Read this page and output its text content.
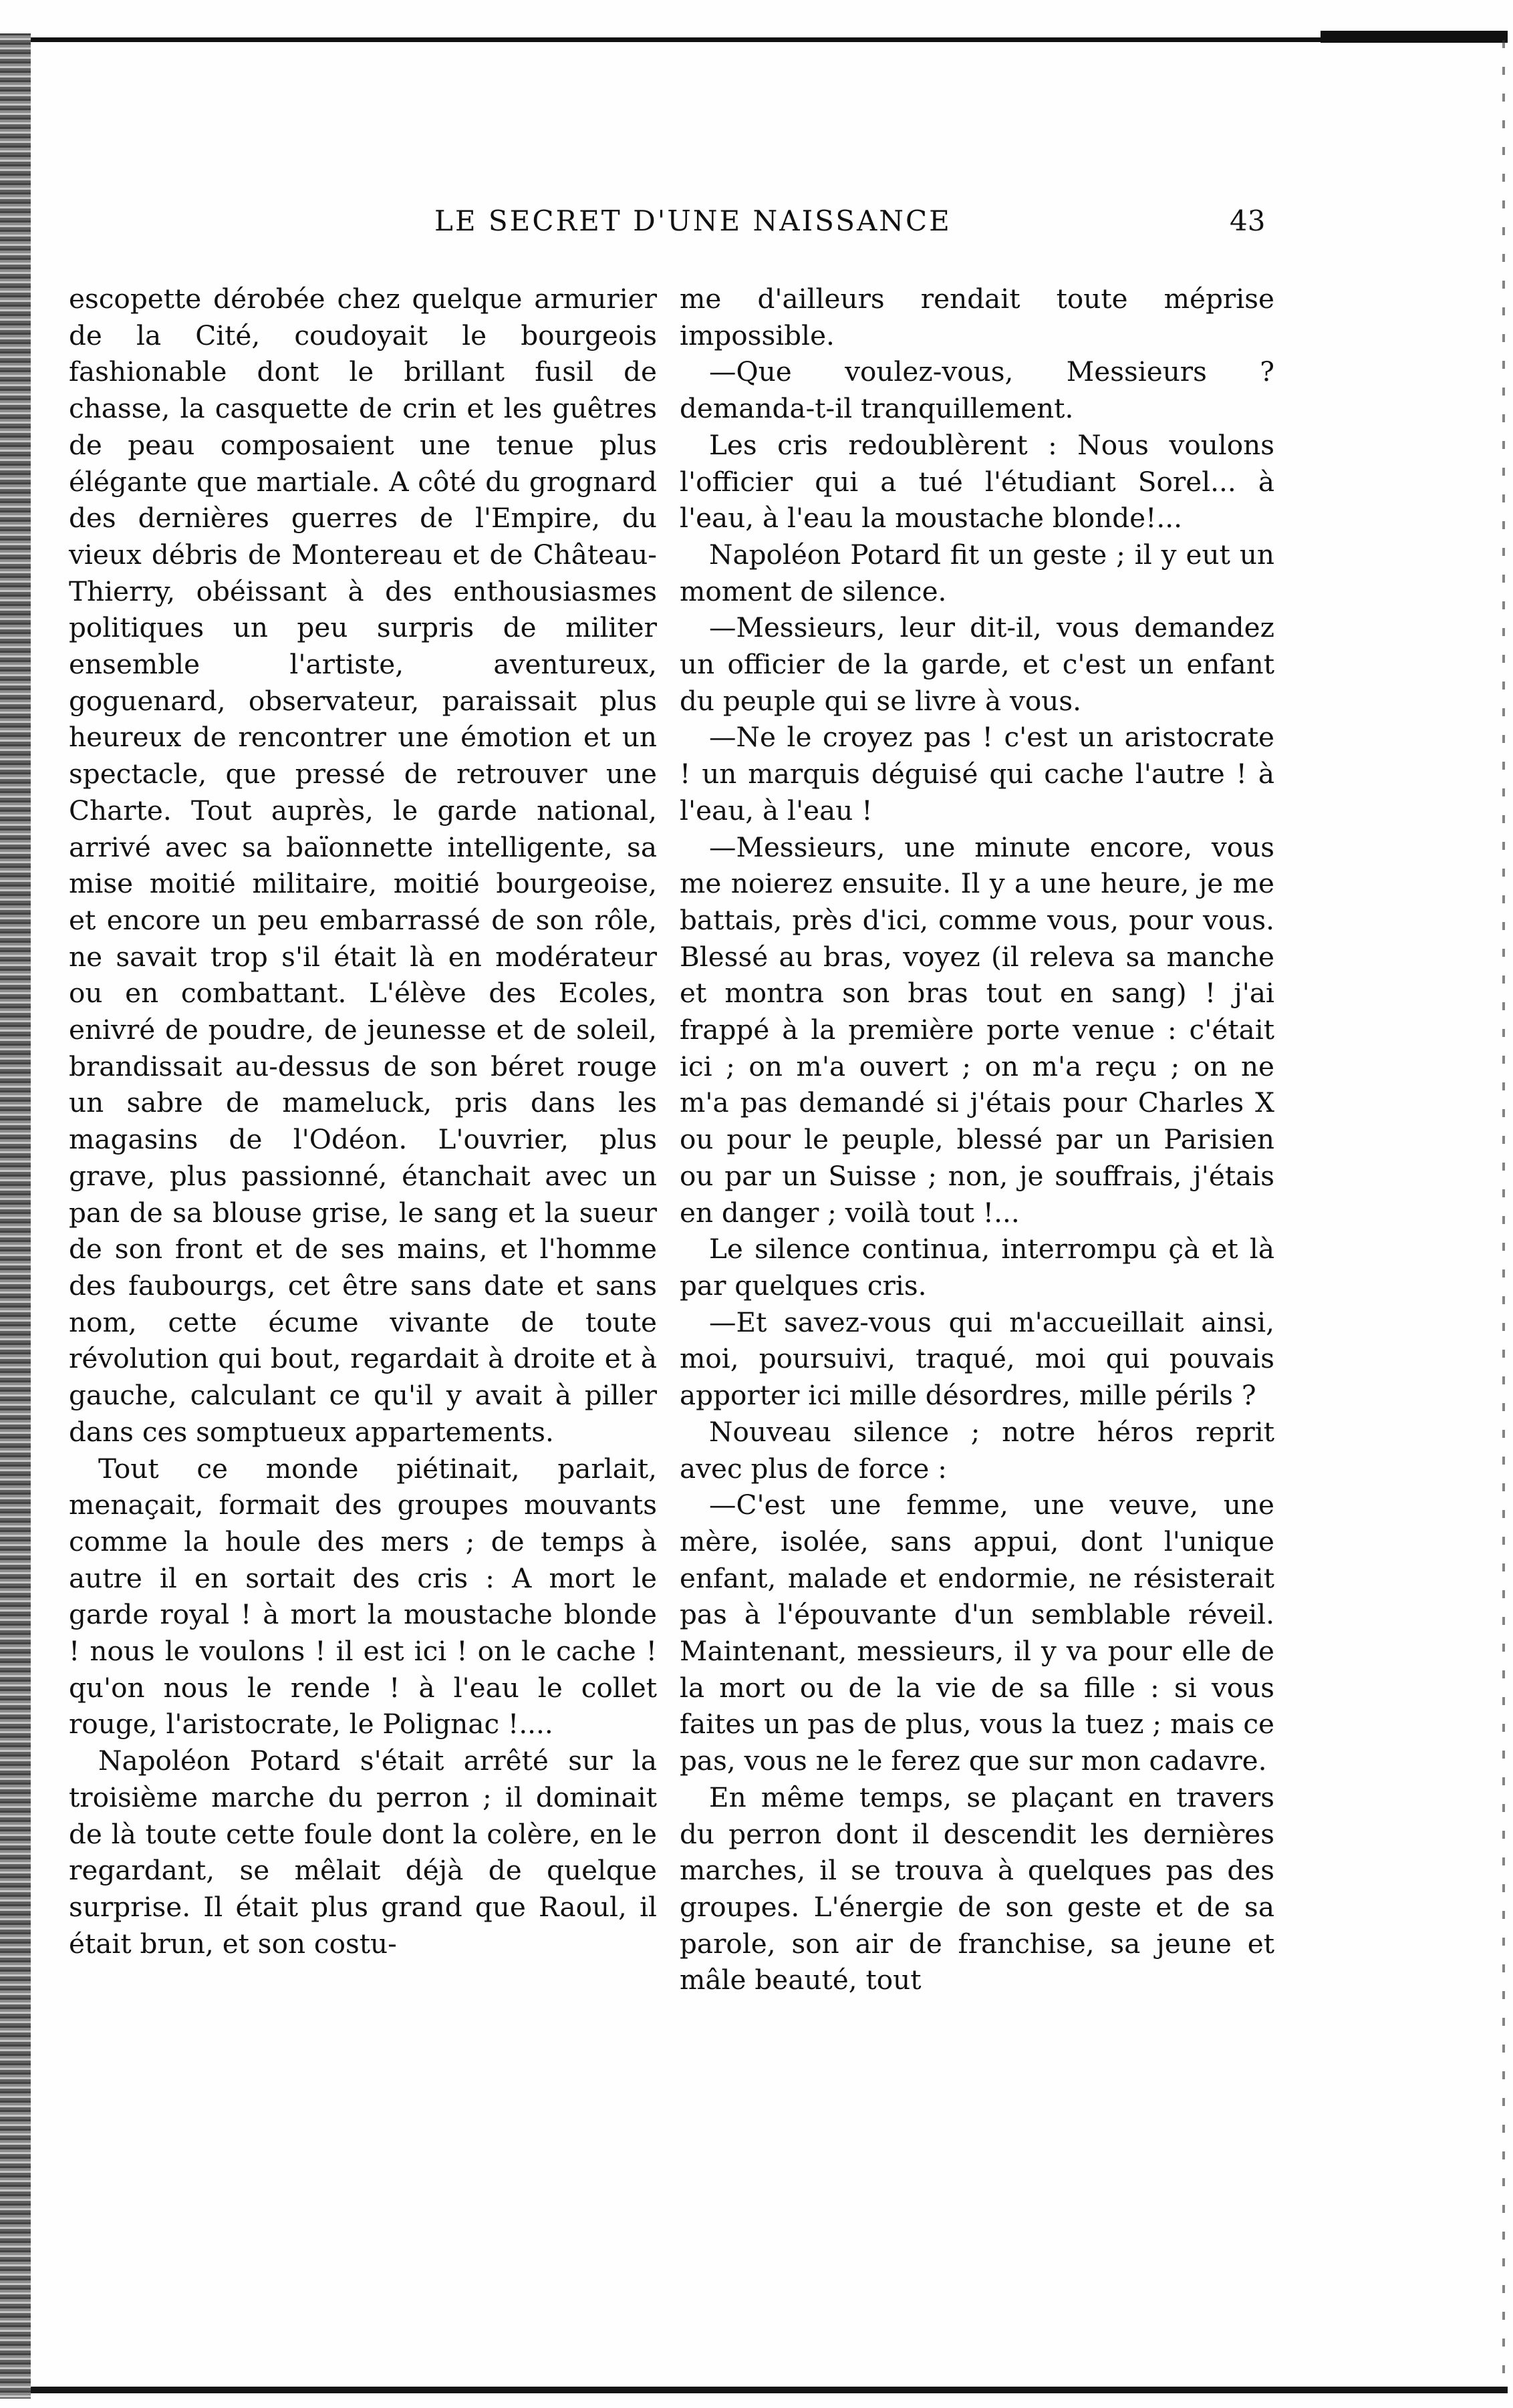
LE SECRET D'UNE NAISSANCE	43

escopette dérobée chez quelque armurier de la Cité, coudoyait le bourgeois fashionable dont le brillant fusil de chasse, la casquette de crin et les guêtres de peau composaient une tenue plus élégante que martiale. A côté du grognard des dernières guerres de l'Empire, du vieux débris de Montereau et de Château-Thierry, obéissant à des enthousiasmes politiques un peu surpris de militer ensemble l'artiste, aventureux, goguenard, observateur, paraissait plus heureux de rencontrer une émotion et un spectacle, que pressé de retrouver une Charte. Tout auprès, le garde national, arrivé avec sa baïonnette intelligente, sa mise moitié militaire, moitié bourgeoise, et encore un peu embarrassé de son rôle, ne savait trop s'il était là en modérateur ou en combattant. L'élève des Ecoles, enivré de poudre, de jeunesse et de soleil, brandissait au-dessus de son béret rouge un sabre de mameluck, pris dans les magasins de l'Odéon. L'ouvrier, plus grave, plus passionné, étanchait avec un pan de sa blouse grise, le sang et la sueur de son front et de ses mains, et l'homme des faubourgs, cet être sans date et sans nom, cette écume vivante de toute révolution qui bout, regardait à droite et à gauche, calculant ce qu'il y avait à piller dans ces somptueux appartements.

Tout ce monde piétinait, parlait, menaçait, formait des groupes mouvants comme la houle des mers ; de temps à autre il en sortait des cris : A mort le garde royal ! à mort la moustache blonde ! nous le voulons ! il est ici ! on le cache ! qu'on nous le rende ! à l'eau le collet rouge, l'aristocrate, le Polignac !....

Napoléon Potard s'était arrêté sur la troisième marche du perron ; il dominait de là toute cette foule dont la colère, en le regardant, se mêlait déjà de quelque surprise. Il était plus grand que Raoul, il était brun, et son costu-

me d'ailleurs rendait toute méprise impossible.

—Que voulez-vous, Messieurs ? demanda-t-il tranquillement.

Les cris redoublèrent : Nous voulons l'officier qui a tué l'étudiant Sorel... à l'eau, à l'eau la moustache blonde!...

Napoléon Potard fit un geste ; il y eut un moment de silence.

—Messieurs, leur dit-il, vous demandez un officier de la garde, et c'est un enfant du peuple qui se livre à vous.

—Ne le croyez pas ! c'est un aristocrate ! un marquis déguisé qui cache l'autre ! à l'eau, à l'eau !

—Messieurs, une minute encore, vous me noierez ensuite. Il y a une heure, je me battais, près d'ici, comme vous, pour vous. Blessé au bras, voyez (il releva sa manche et montra son bras tout en sang) ! j'ai frappé à la première porte venue : c'était ici ; on m'a ouvert ; on m'a reçu ; on ne m'a pas demandé si j'étais pour Charles X ou pour le peuple, blessé par un Parisien ou par un Suisse ; non, je souffrais, j'étais en danger ; voilà tout !...

Le silence continua, interrompu çà et là par quelques cris.

—Et savez-vous qui m'accueillait ainsi, moi, poursuivi, traqué, moi qui pouvais apporter ici mille désordres, mille périls ?

Nouveau silence ; notre héros reprit avec plus de force :

—C'est une femme, une veuve, une mère, isolée, sans appui, dont l'unique enfant, malade et endormie, ne résisterait pas à l'épouvante d'un semblable réveil. Maintenant, messieurs, il y va pour elle de la mort ou de la vie de sa fille : si vous faites un pas de plus, vous la tuez ; mais ce pas, vous ne le ferez que sur mon cadavre.

En même temps, se plaçant en travers du perron dont il descendit les dernières marches, il se trouva à quelques pas des groupes. L'énergie de son geste et de sa parole, son air de franchise, sa jeune et mâle beauté, tout
